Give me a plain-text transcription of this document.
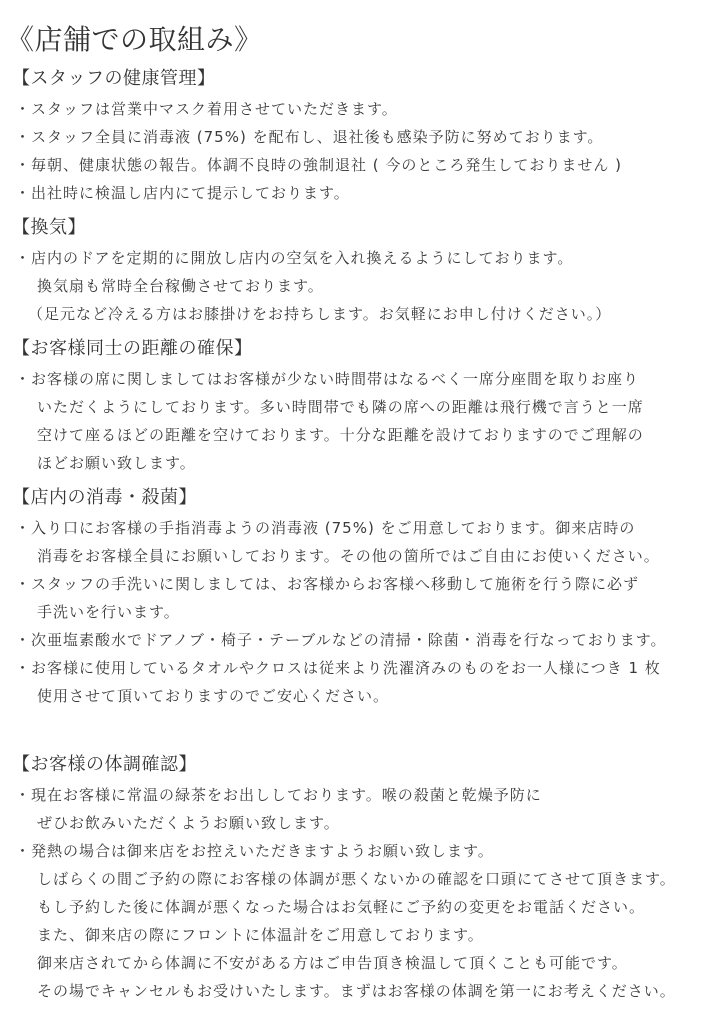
《店舗での取組み》
【スタッフの健康管理】
・スタッフは営業中マスク着用させていただきます。
・スタッフ全員に消毒液 (75%) を配布し、退社後も感染予防に努めております。
・毎朝、健康状態の報告。体調不良時の強制退社 ( 今のところ発生しておりません )
・出社時に検温し店内にて提示しております。
【換気】
・店内のドアを定期的に開放し店内の空気を入れ換えるようにしております。
換気扇も常時全台稼働させております。
（足元など冷える方はお膝掛けをお持ちします。お気軽にお申し付けください。）
【お客様同士の距離の確保】
・お客様の席に関しましてはお客様が少ない時間帯はなるべく一席分座間を取りお座り
いただくようにしております。多い時間帯でも隣の席への距離は飛行機で言うと一席
空けて座るほどの距離を空けております。十分な距離を設けておりますのでご理解の
ほどお願い致します。
【店内の消毒・殺菌】
・入り口にお客様の手指消毒ようの消毒液 (75%) をご用意しております。御来店時の
消毒をお客様全員にお願いしております。その他の箇所ではご自由にお使いください。
・スタッフの手洗いに関しましては、お客様からお客様へ移動して施術を行う際に必ず
手洗いを行います。
・次亜塩素酸水でドアノブ・椅子・テーブルなどの清掃・除菌・消毒を行なっております。
・お客様に使用しているタオルやクロスは従来より洗濯済みのものをお一人様につき 1 枚
使用させて頂いておりますのでご安心ください。
【お客様の体調確認】
・現在お客様に常温の緑茶をお出ししております。喉の殺菌と乾燥予防に
ぜひお飲みいただくようお願い致します。
・発熱の場合は御来店をお控えいただきますようお願い致します。
しばらくの間ご予約の際にお客様の体調が悪くないかの確認を口頭にてさせて頂きます。
もし予約した後に体調が悪くなった場合はお気軽にご予約の変更をお電話ください。
また、御来店の際にフロントに体温計をご用意しております。
御来店されてから体調に不安がある方はご申告頂き検温して頂くことも可能です。
その場でキャンセルもお受けいたします。まずはお客様の体調を第一にお考えください。
